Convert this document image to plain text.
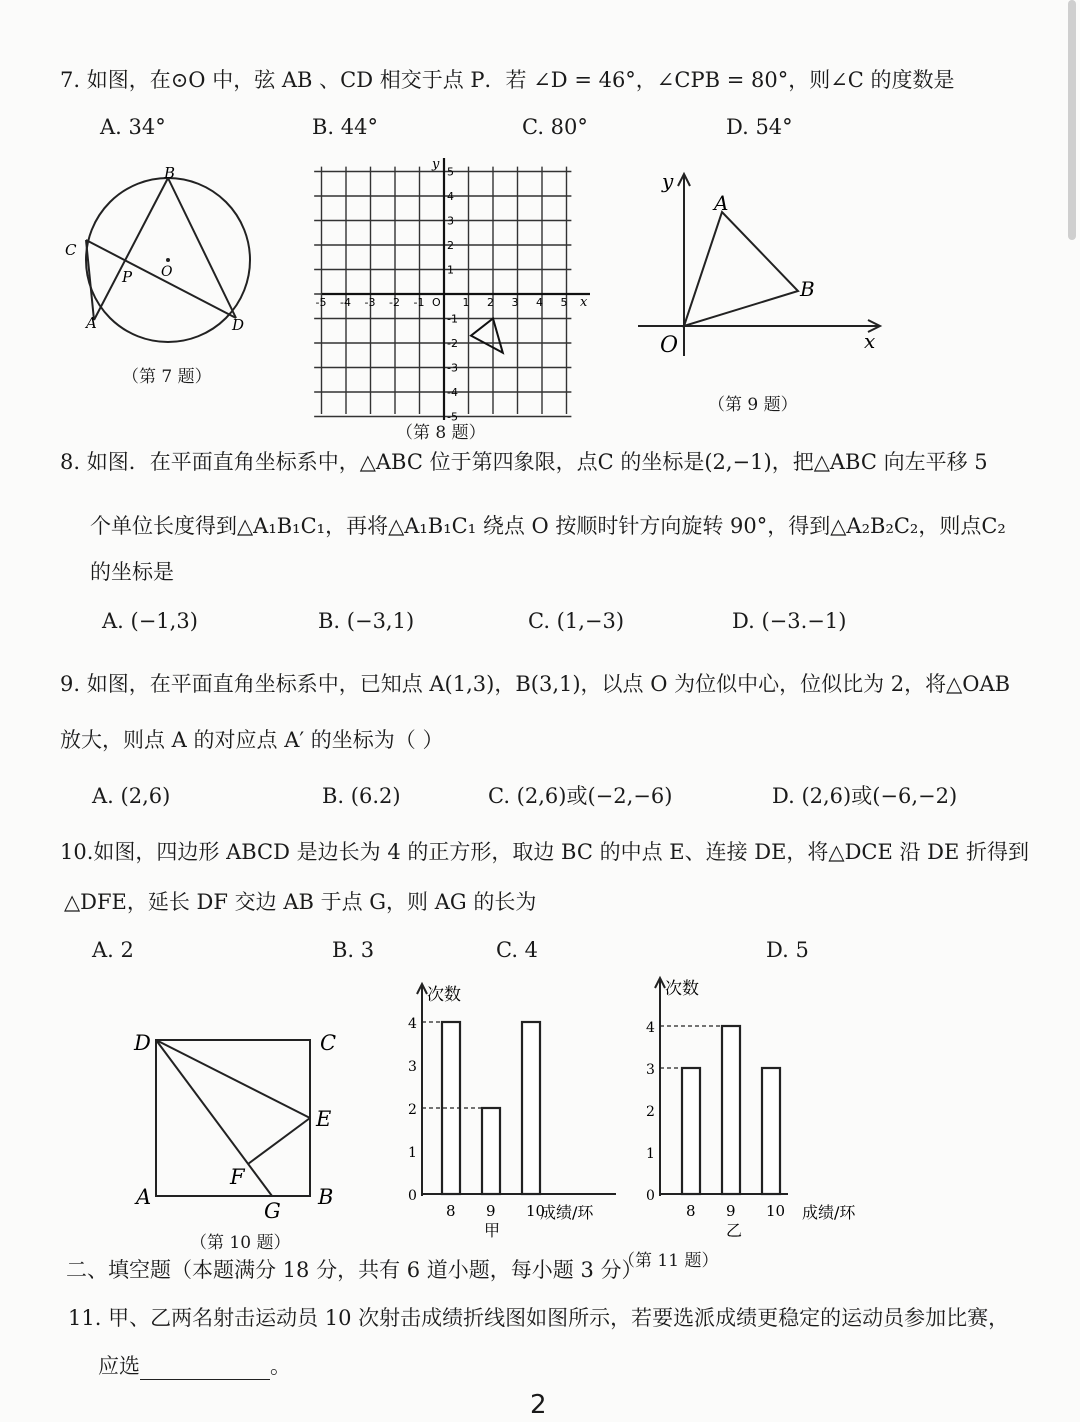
7. 如图，在⊙O 中，弦 AB 、CD 相交于点 P．若 ∠D = 46°，∠CPB = 80°，则∠C 的度数是
A. 34°	B. 44°	C. 80°	D. 54°
B
C
P O
A	D
（第 7 题）
-5 -4 -3 -2 -1 O 1 2 3 4 5
5
4
3
2
1
-1
-2
-3
-4
-5
x
y
（第 8 题）
y
A
B
O	x
（第 9 题）
8. 如图．在平面直角坐标系中，△ABC 位于第四象限，点C 的坐标是(2,−1)，把△ABC 向左平移 5
个单位长度得到△A₁B₁C₁，再将△A₁B₁C₁ 绕点 O 按顺时针方向旋转 90°，得到△A₂B₂C₂，则点C₂
的坐标是
A. (−1,3)	B. (−3,1)	C. (1,−3)	D. (−3.−1)
9. 如图，在平面直角坐标系中，已知点 A(1,3)，B(3,1)，以点 O 为位似中心，位似比为 2，将△OAB
放大，则点 A 的对应点 A′ 的坐标为（ ）
A. (2,6)	B. (6.2)	C. (2,6)或(−2,−6)	D. (2,6)或(−6,−2)
10.如图，四边形 ABCD 是边长为 4 的正方形，取边 BC 的中点 E、连接 DE，将△DCE 沿 DE 折得到
△DFE，延长 DF 交边 AB 于点 G，则 AG 的长为
A. 2	B. 3	C. 4	D. 5
D	C
E
F
A
G
B
（第 10 题）
次数
0
1
2
3
4
8 9 10
成绩/环
甲
次数
0
1
2
3
4
8 9 10 成绩/环
乙
（第 11 题）
二、填空题（本题满分 18 分，共有 6 道小题，每小题 3 分）
11. 甲、乙两名射击运动员 10 次射击成绩折线图如图所示，若要选派成绩更稳定的运动员参加比赛，
应选	。
2
